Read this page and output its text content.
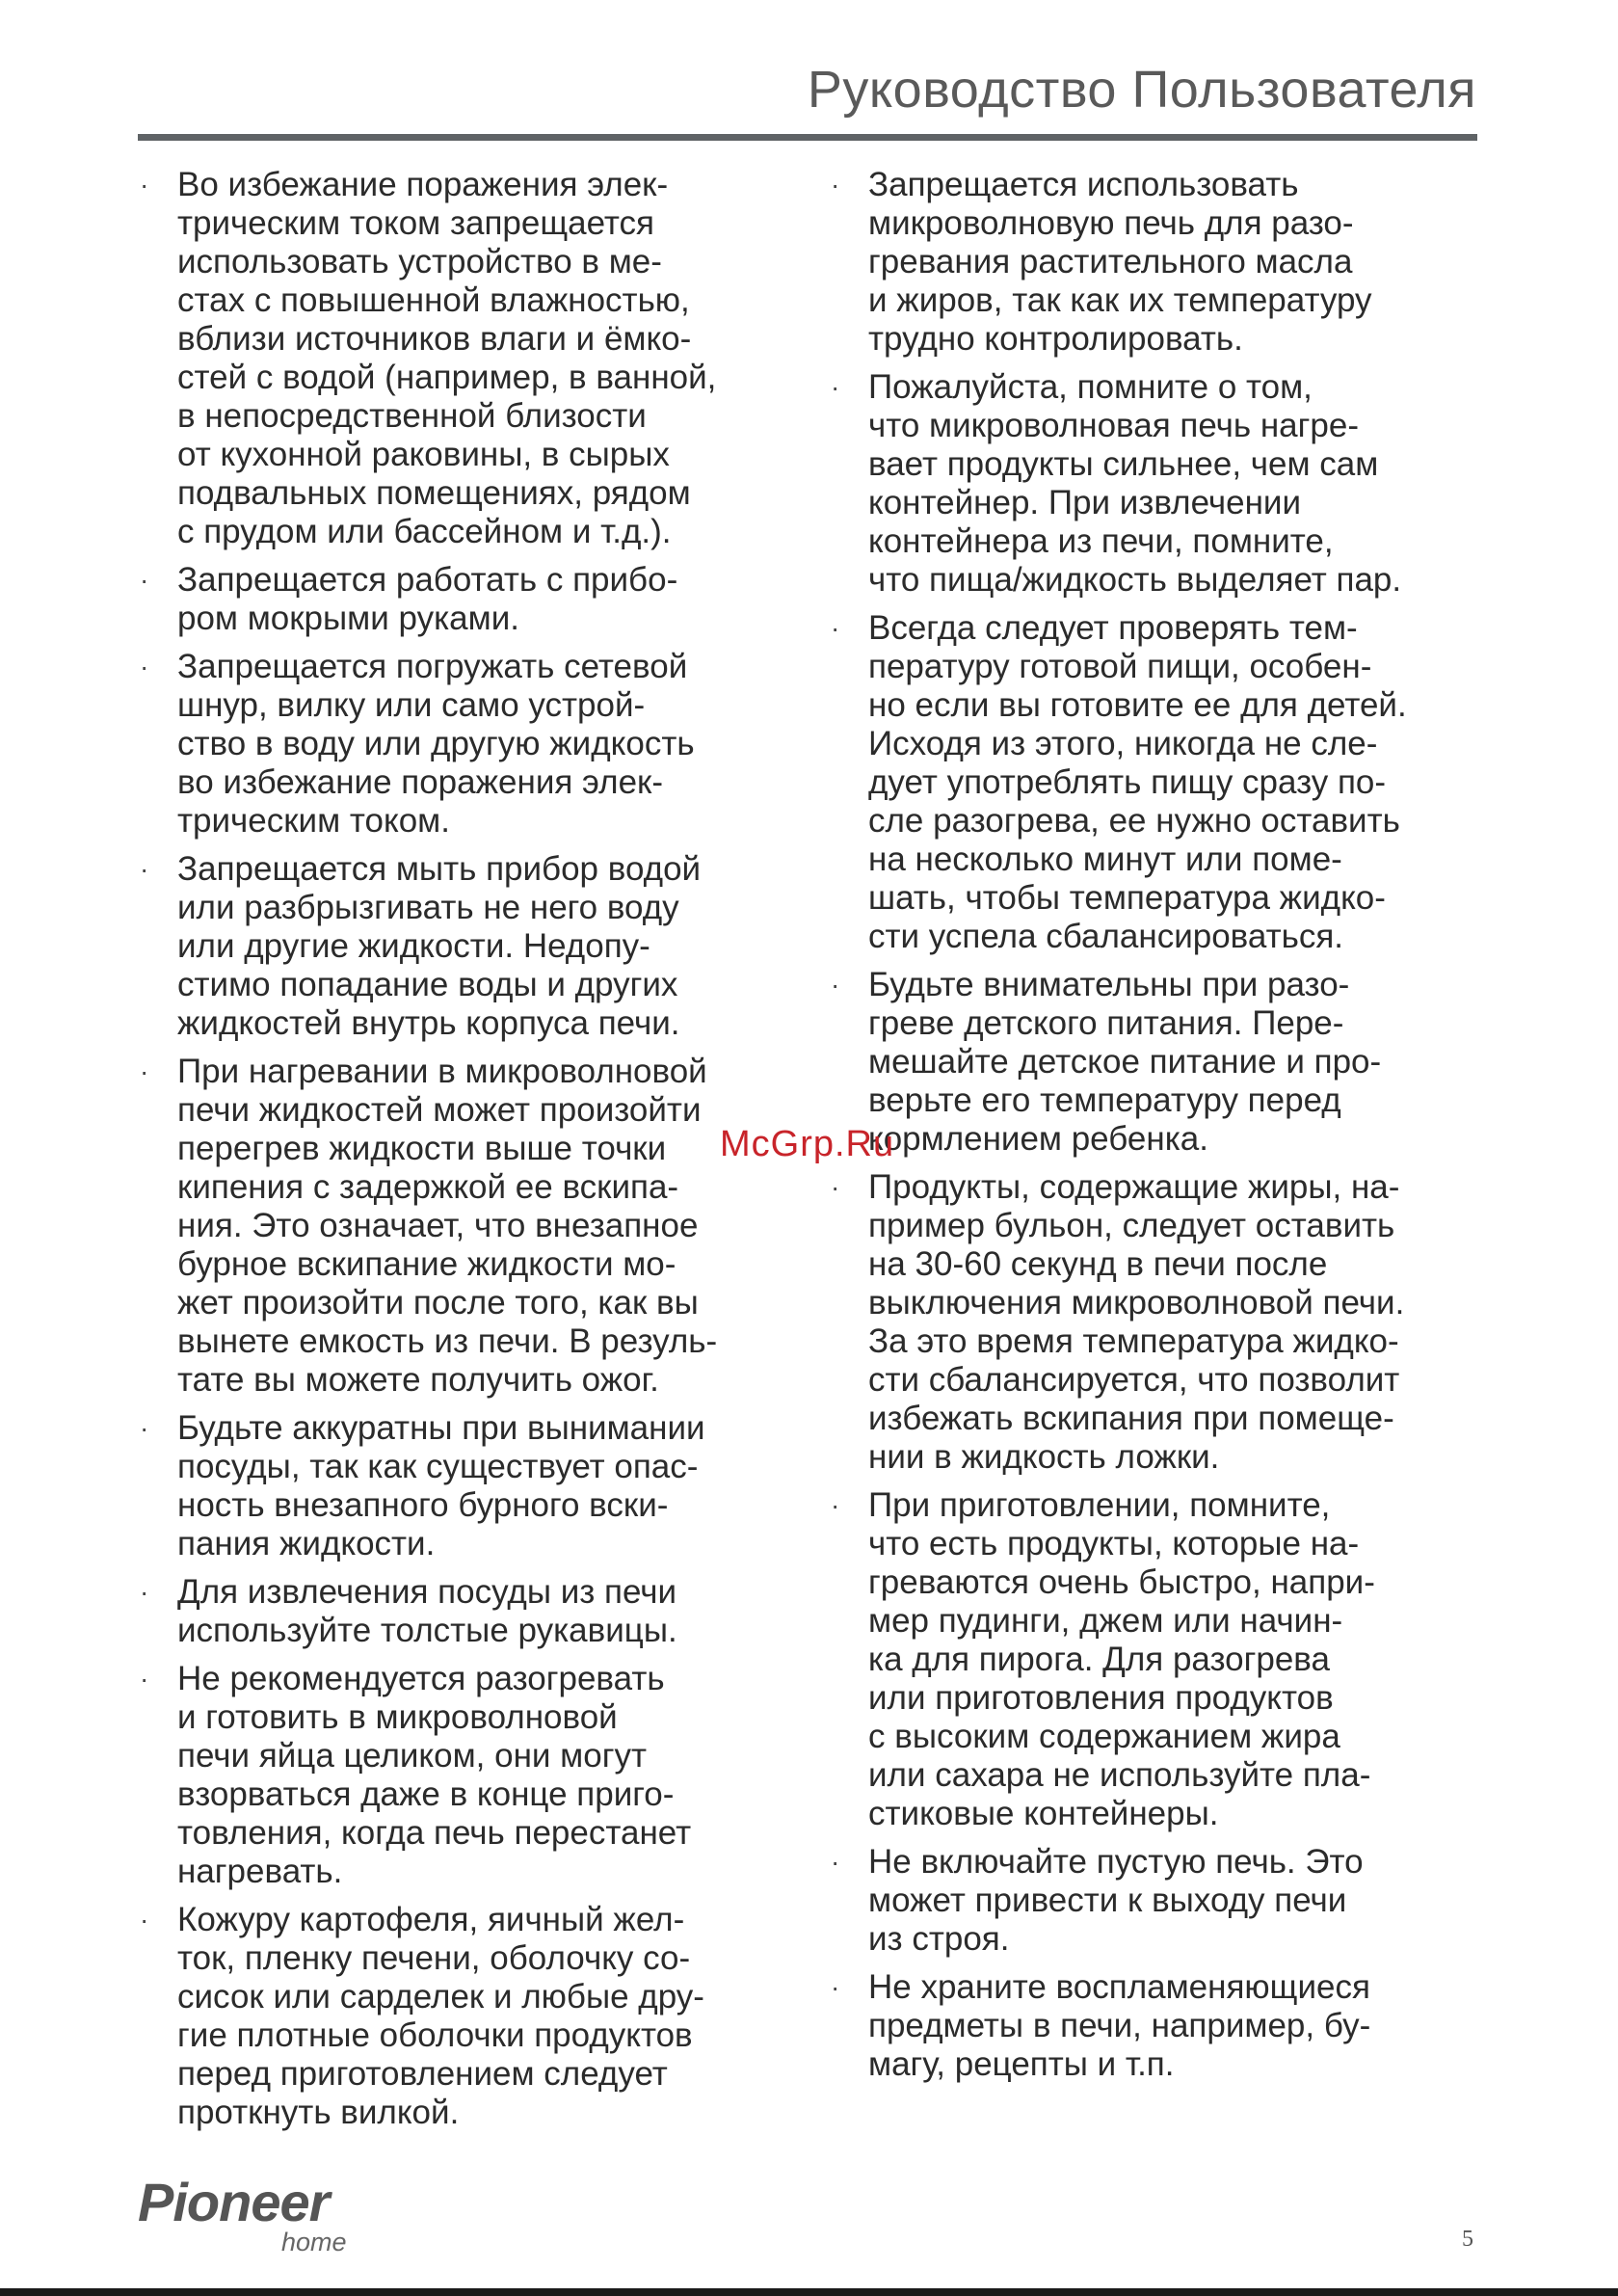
Руководство Пользователя
· Во избежание поражения элек-
трическим током запрещается
использовать устройство в ме-
стах с повышенной влажностью,
вблизи источников влаги и ёмко-
стей с водой (например, в ванной,
в непосредственной близости
от кухонной раковины, в сырых
подвальных помещениях, рядом
с прудом или бассейном и т.д.).
· Запрещается работать с прибо-
ром мокрыми руками.
· Запрещается погружать сетевой
шнур, вилку или само устрой-
ство в воду или другую жидкость
во избежание поражения элек-
трическим током.
· Запрещается мыть прибор водой
или разбрызгивать не него воду
или другие жидкости. Недопу-
стимо попадание воды и других
жидкостей внутрь корпуса печи.
· При нагревании в микроволновой
печи жидкостей может произойти
перегрев жидкости выше точки
кипения с задержкой ее вскипа-
ния. Это означает, что внезапное
бурное вскипание жидкости мо-
жет произойти после того, как вы
вынете емкость из печи. В резуль-
тате вы можете получить ожог.
· Будьте аккуратны при вынимании
посуды, так как существует опас-
ность внезапного бурного вски-
пания жидкости.
· Для извлечения посуды из печи
используйте толстые рукавицы.
· Не рекомендуется разогревать
и готовить в микроволновой
печи яйца целиком, они могут
взорваться даже в конце приго-
товления, когда печь перестанет
нагревать.
· Кожуру картофеля, яичный жел-
ток, пленку печени, оболочку со-
сисок или сарделек и любые дру-
гие плотные оболочки продуктов
перед приготовлением следует
проткнуть вилкой.
· Запрещается использовать
микроволновую печь для разо-
гревания растительного масла
и жиров, так как их температуру
трудно контролировать.
· Пожалуйста, помните о том,
что микроволновая печь нагре-
вает продукты сильнее, чем сам
контейнер. При извлечении
контейнера из печи, помните,
что пища/жидкость выделяет пар.
· Всегда следует проверять тем-
пературу готовой пищи, особен-
но если вы готовите ее для детей.
Исходя из этого, никогда не сле-
дует употреблять пищу сразу по-
сле разогрева, ее нужно оставить
на несколько минут или поме-
шать, чтобы температура жидко-
сти успела сбалансироваться.
· Будьте внимательны при разо-
греве детского питания. Пере-
мешайте детское питание и про-
верьте его температуру перед
кормлением ребенка.
· Продукты, содержащие жиры, на-
пример бульон, следует оставить
на 30-60 секунд в печи после
выключения микроволновой печи.
За это время температура жидко-
сти сбалансируется, что позволит
избежать вскипания при помеще-
нии в жидкость ложки.
· При приготовлении, помните,
что есть продукты, которые на-
греваются очень быстро, напри-
мер пудинги, джем или начин-
ка для пирога. Для разогрева
или приготовления продуктов
с высоким содержанием жира
или сахара не используйте пла-
стиковые контейнеры.
· Не включайте пустую печь. Это
может привести к выходу печи
из строя.
· Не храните воспламеняющиеся
предметы в печи, например, бу-
магу, рецепты и т.п.
McGrp.Ru
Pioneer
home	5
